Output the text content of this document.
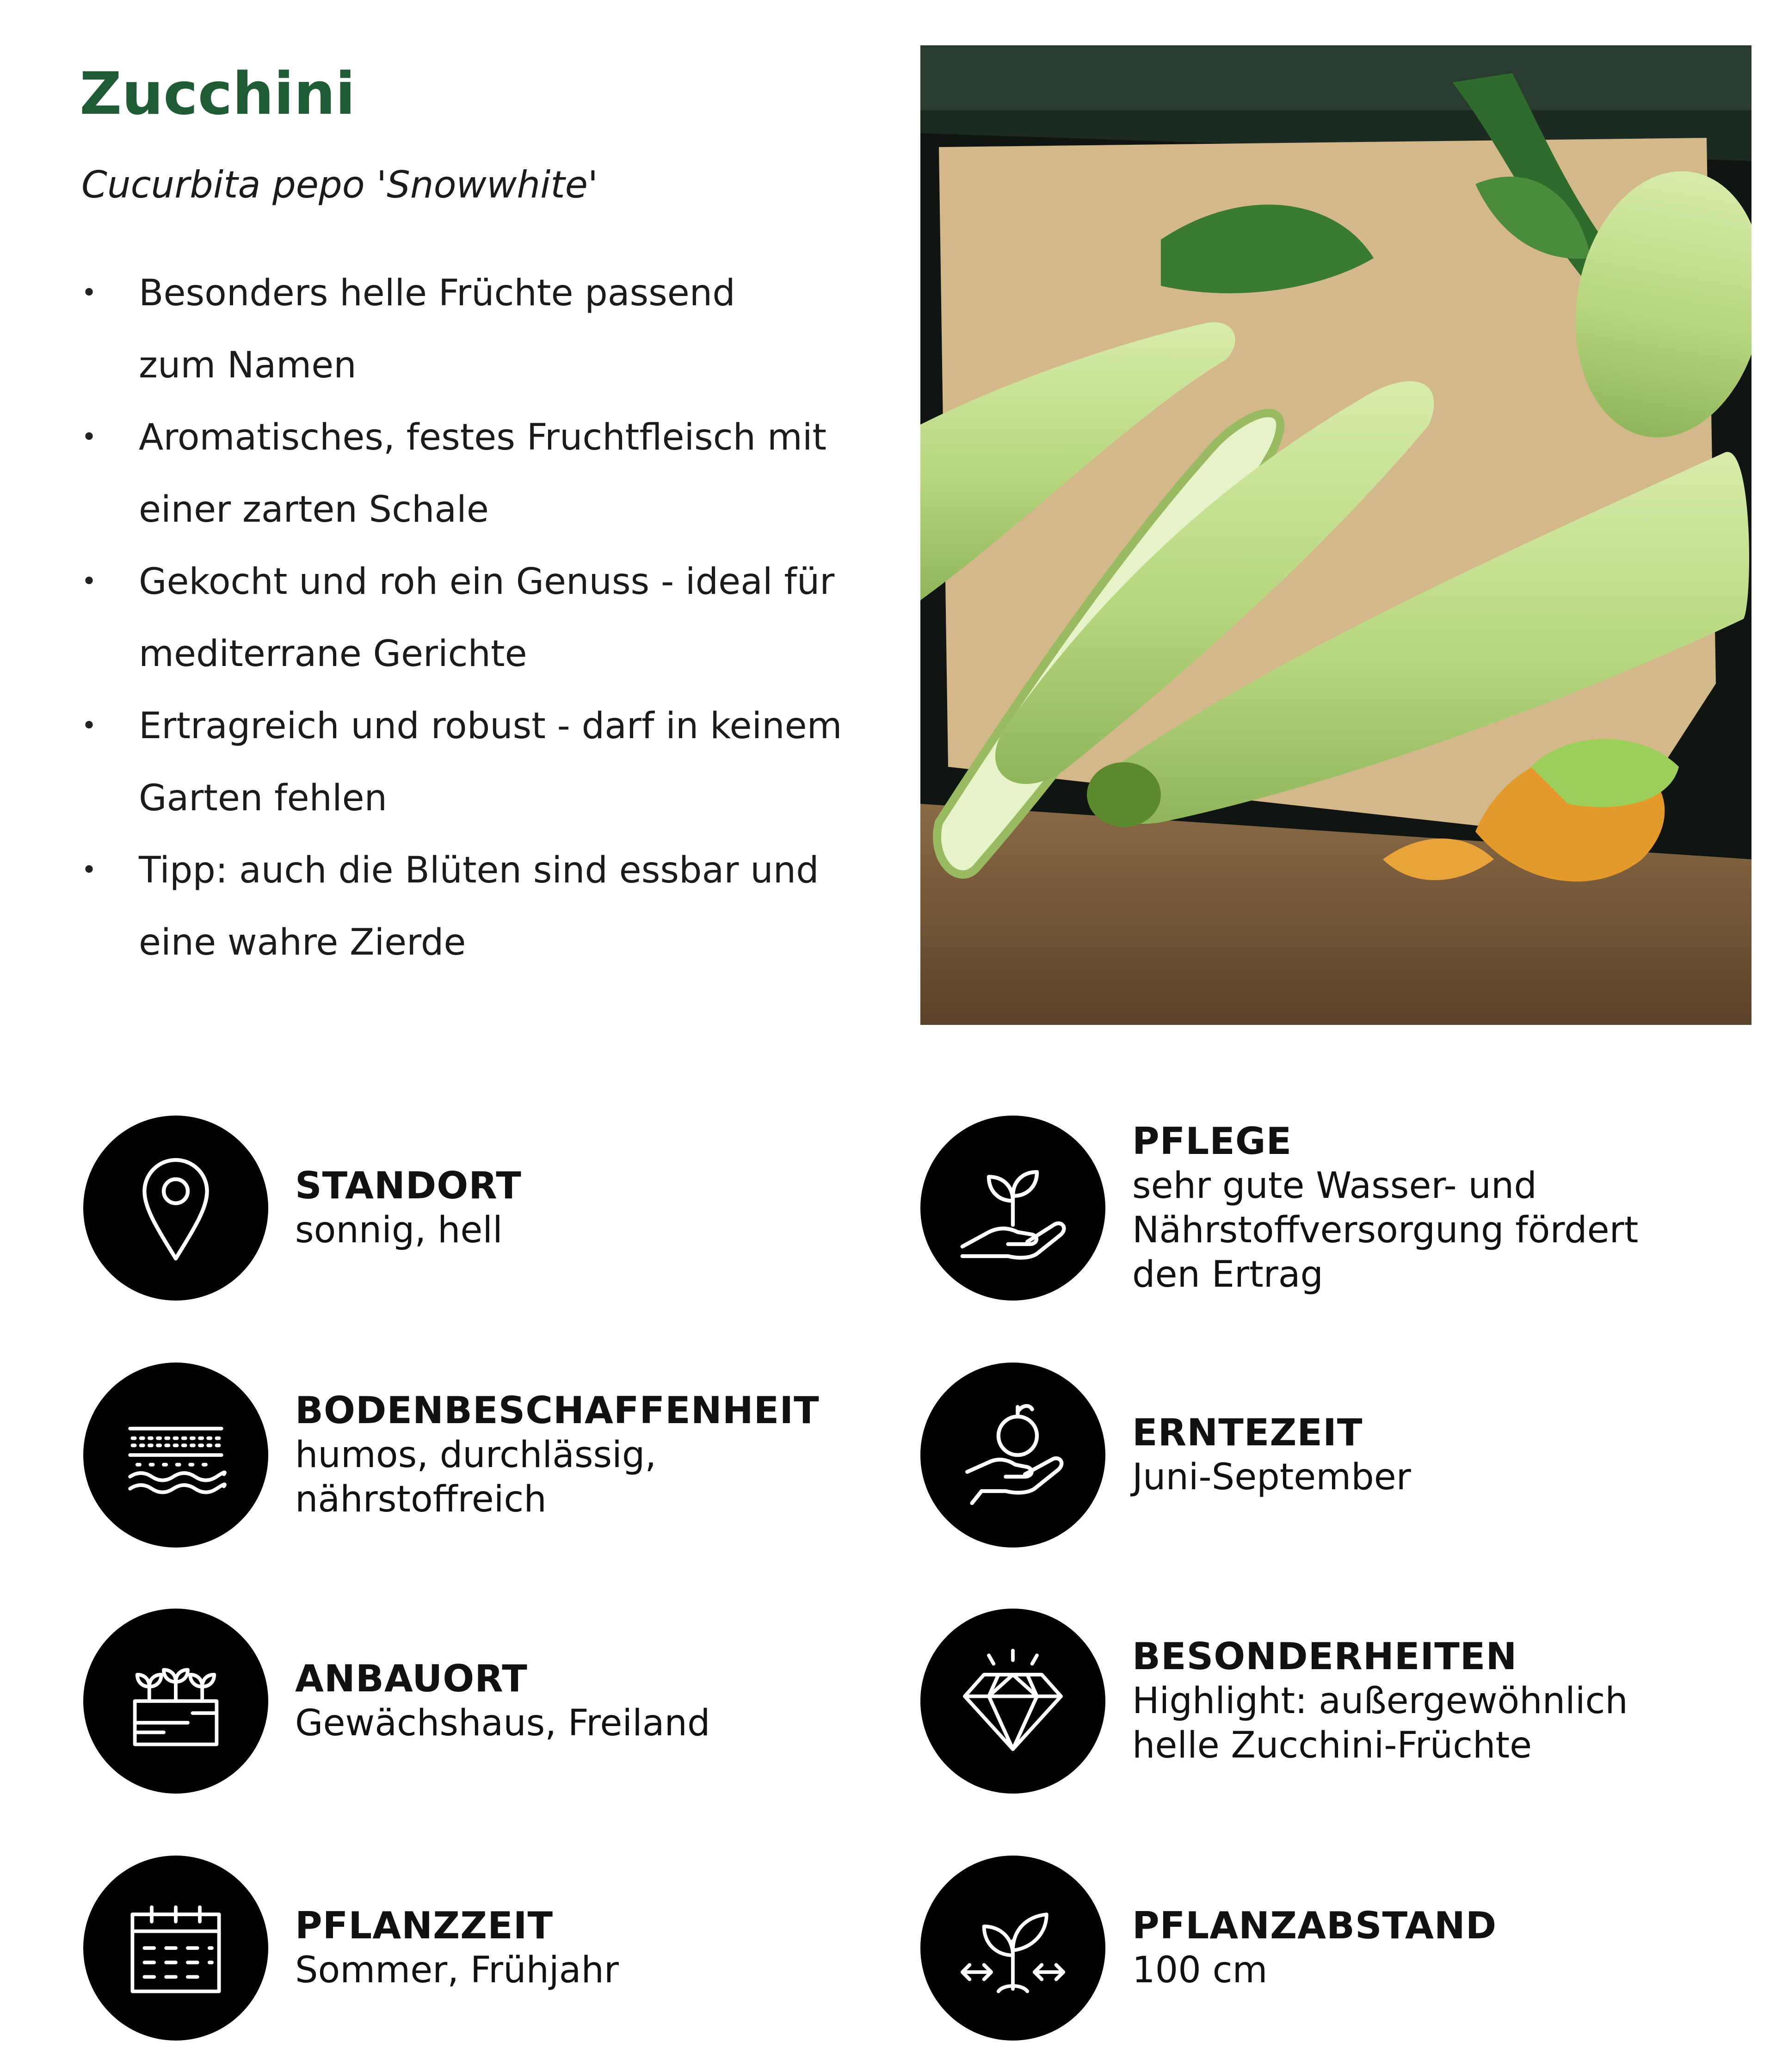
Zucchini

Cucurbita pepo 'Snowwhite'

• Besonders helle Früchte passend
zum Namen
• Aromatisches, festes Fruchtfleisch mit
einer zarten Schale
• Gekocht und roh ein Genuss - ideal für
mediterrane Gerichte
• Ertragreich und robust - darf in keinem
Garten fehlen
• Tipp: auch die Blüten sind essbar und
eine wahre Zierde
STANDORT
sonnig, hell
PFLEGE
sehr gute Wasser- und
Nährstoffversorgung fördert
den Ertrag
BODENBESCHAFFENHEIT
humos, durchlässig,
nährstoffreich
ERNTEZEIT
Juni-September
ANBAUORT
Gewächshaus, Freiland
BESONDERHEITEN
Highlight: außergewöhnlich
helle Zucchini-Früchte
PFLANZZEIT
Sommer, Frühjahr
PFLANZABSTAND
100 cm
